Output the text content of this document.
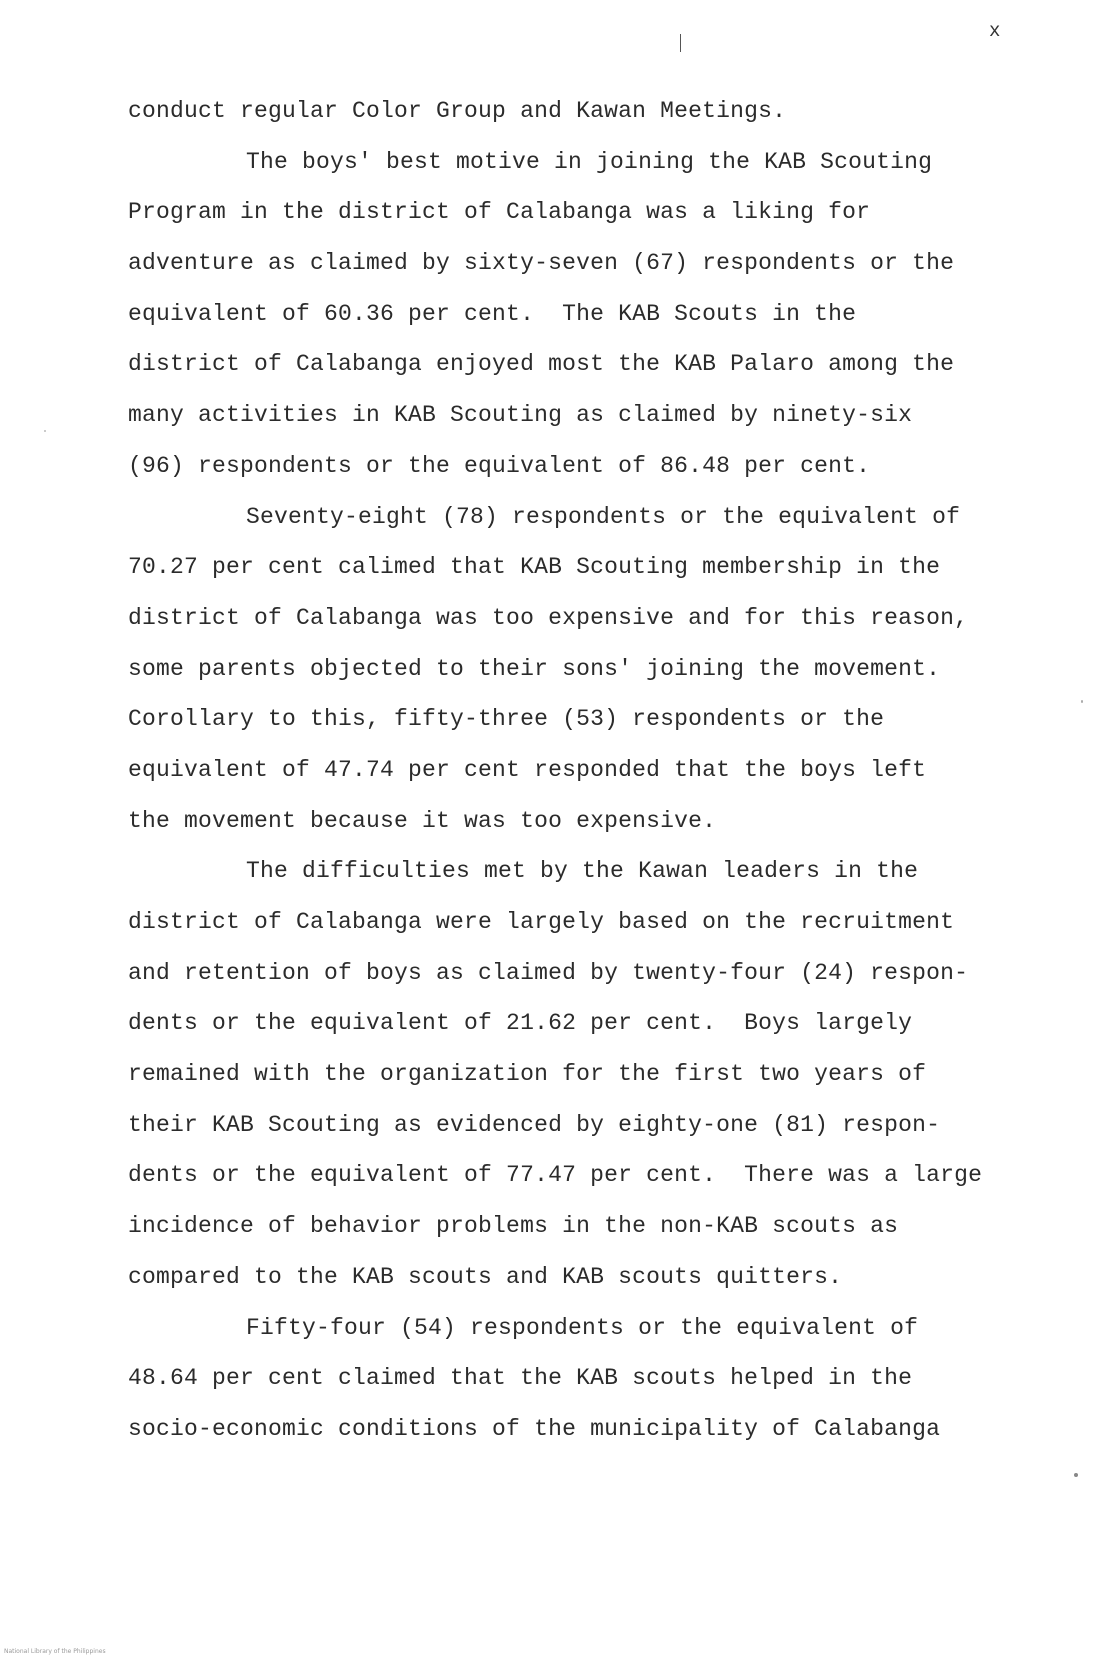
x
conduct regular Color Group and Kawan Meetings.
The boys' best motive in joining the KAB Scouting
Program in the district of Calabanga was a liking for
adventure as claimed by sixty-seven (67) respondents or the
equivalent of 60.36 per cent.  The KAB Scouts in the
district of Calabanga enjoyed most the KAB Palaro among the
many activities in KAB Scouting as claimed by ninety-six
(96) respondents or the equivalent of 86.48 per cent.
Seventy-eight (78) respondents or the equivalent of
70.27 per cent calimed that KAB Scouting membership in the
district of Calabanga was too expensive and for this reason,
some parents objected to their sons' joining the movement.
Corollary to this, fifty-three (53) respondents or the
equivalent of 47.74 per cent responded that the boys left
the movement because it was too expensive.
The difficulties met by the Kawan leaders in the
district of Calabanga were largely based on the recruitment
and retention of boys as claimed by twenty-four (24) respon-
dents or the equivalent of 21.62 per cent.  Boys largely
remained with the organization for the first two years of
their KAB Scouting as evidenced by eighty-one (81) respon-
dents or the equivalent of 77.47 per cent.  There was a large
incidence of behavior problems in the non-KAB scouts as
compared to the KAB scouts and KAB scouts quitters.
Fifty-four (54) respondents or the equivalent of
48.64 per cent claimed that the KAB scouts helped in the
socio-economic conditions of the municipality of Calabanga
National Library of the Philippines
